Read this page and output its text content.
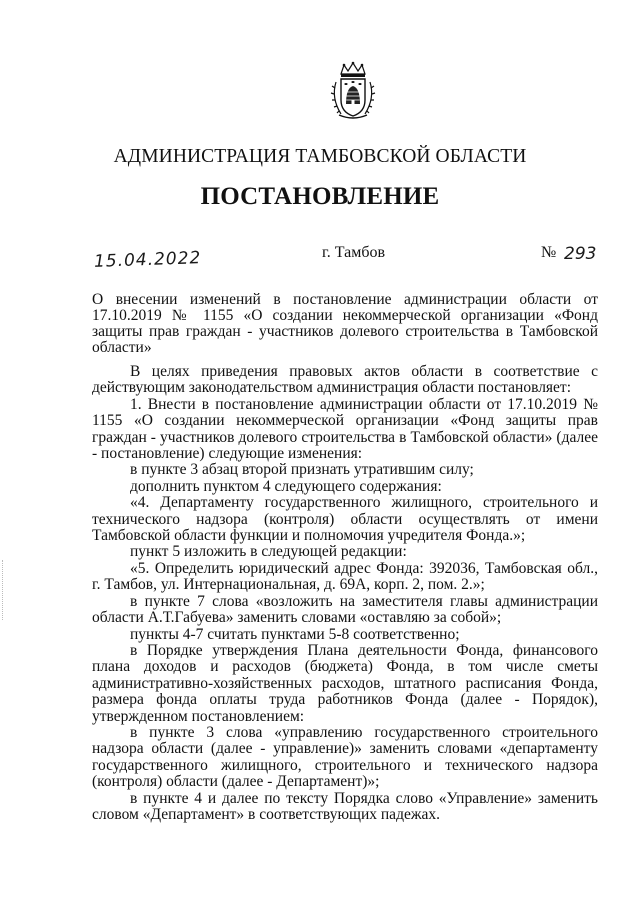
АДМИНИСТРАЦИЯ ТАМБОВСКОЙ ОБЛАСТИ
ПОСТАНОВЛЕНИЕ
15.04.2022	г. Тамбов	№ 293
О внесении изменений в постановление администрации области от 17.10.2019 № 1155 «О создании некоммерческой организации «Фонд защиты прав граждан - участников долевого строительства в Тамбовской области»

В целях приведения правовых актов области в соответствие с действующим законодательством администрация области постановляет:

1. Внести в постановление администрации области от 17.10.2019 № 1155 «О создании некоммерческой организации «Фонд защиты прав граждан - участников долевого строительства в Тамбовской области» (далее - постановление) следующие изменения:

в пункте 3 абзац второй признать утратившим силу;

дополнить пунктом 4 следующего содержания:

«4. Департаменту государственного жилищного, строительного и технического надзора (контроля) области осуществлять от имени Тамбовской области функции и полномочия учредителя Фонда.»;

пункт 5 изложить в следующей редакции:

«5. Определить юридический адрес Фонда: 392036, Тамбовская обл., г. Тамбов, ул. Интернациональная, д. 69А, корп. 2, пом. 2.»;

в пункте 7 слова «возложить на заместителя главы администрации области А.Т.Габуева» заменить словами «оставляю за собой»;

пункты 4-7 считать пунктами 5-8 соответственно;

в Порядке утверждения Плана деятельности Фонда, финансового плана доходов и расходов (бюджета) Фонда, в том числе сметы административно-хозяйственных расходов, штатного расписания Фонда, размера фонда оплаты труда работников Фонда (далее - Порядок), утвержденном постановлением:

в пункте 3 слова «управлению государственного строительного надзора области (далее - управление)» заменить словами «департаменту государственного жилищного, строительного и технического надзора (контроля) области (далее - Департамент)»;

в пункте 4 и далее по тексту Порядка слово «Управление» заменить словом «Департамент» в соответствующих падежах.
